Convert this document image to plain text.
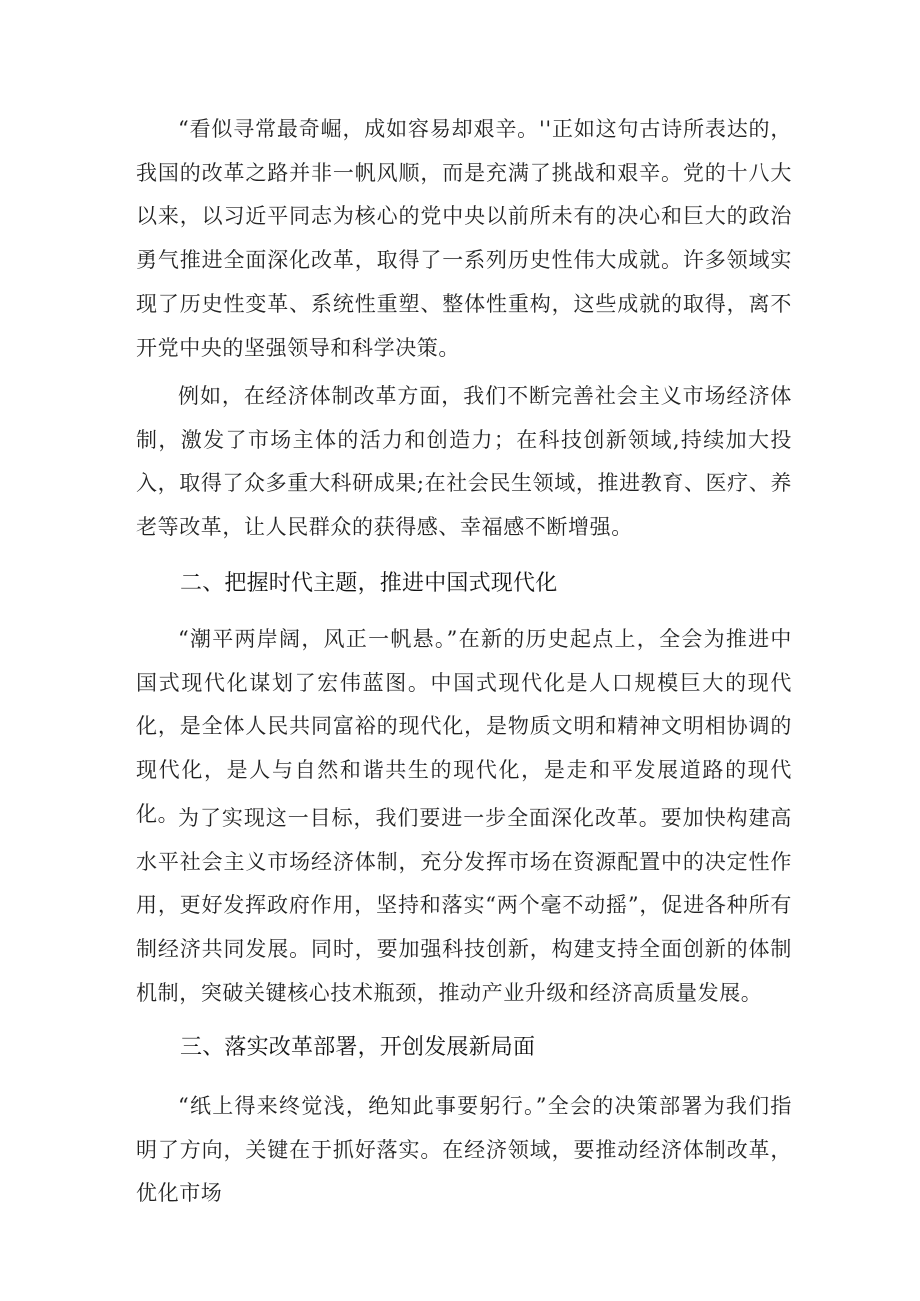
“看似寻常最奇崛，成如容易却艰辛。''正如这句古诗所表达的，我国的改革之路并非一帆风顺，而是充满了挑战和艰辛。党的十八大以来，以习近平同志为核心的党中央以前所未有的决心和巨大的政治勇气推进全面深化改革，取得了一系列历史性伟大成就。许多领域实现了历史性变革、系统性重塑、整体性重构，这些成就的取得，离不开党中央的坚强领导和科学决策。

例如，在经济体制改革方面，我们不断完善社会主义市场经济体制，激发了市场主体的活力和创造力；在科技创新领域,持续加大投入，取得了众多重大科研成果;在社会民生领域，推进教育、医疗、养老等改革，让人民群众的获得感、幸福感不断增强。

二、把握时代主题，推进中国式现代化

“潮平两岸阔，风正一帆悬。”在新的历史起点上，全会为推进中国式现代化谋划了宏伟蓝图。中国式现代化是人口规模巨大的现代化，是全体人民共同富裕的现代化，是物质文明和精神文明相协调的现代化，是人与自然和谐共生的现代化，是走和平发展道路的现代化。

为了实现这一目标，我们要进一步全面深化改革。要加快构建高水平社会主义市场经济体制，充分发挥市场在资源配置中的决定性作用，更好发挥政府作用，坚持和落实“两个毫不动摇”，促进各种所有制经济共同发展。同时，要加强科技创新，构建支持全面创新的体制机制，突破关键核心技术瓶颈，推动产业升级和经济高质量发展。

三、落实改革部署，开创发展新局面

“纸上得来终觉浅，绝知此事要躬行。”全会的决策部署为我们指明了方向，关键在于抓好落实。在经济领域，要推动经济体制改革，优化市场
